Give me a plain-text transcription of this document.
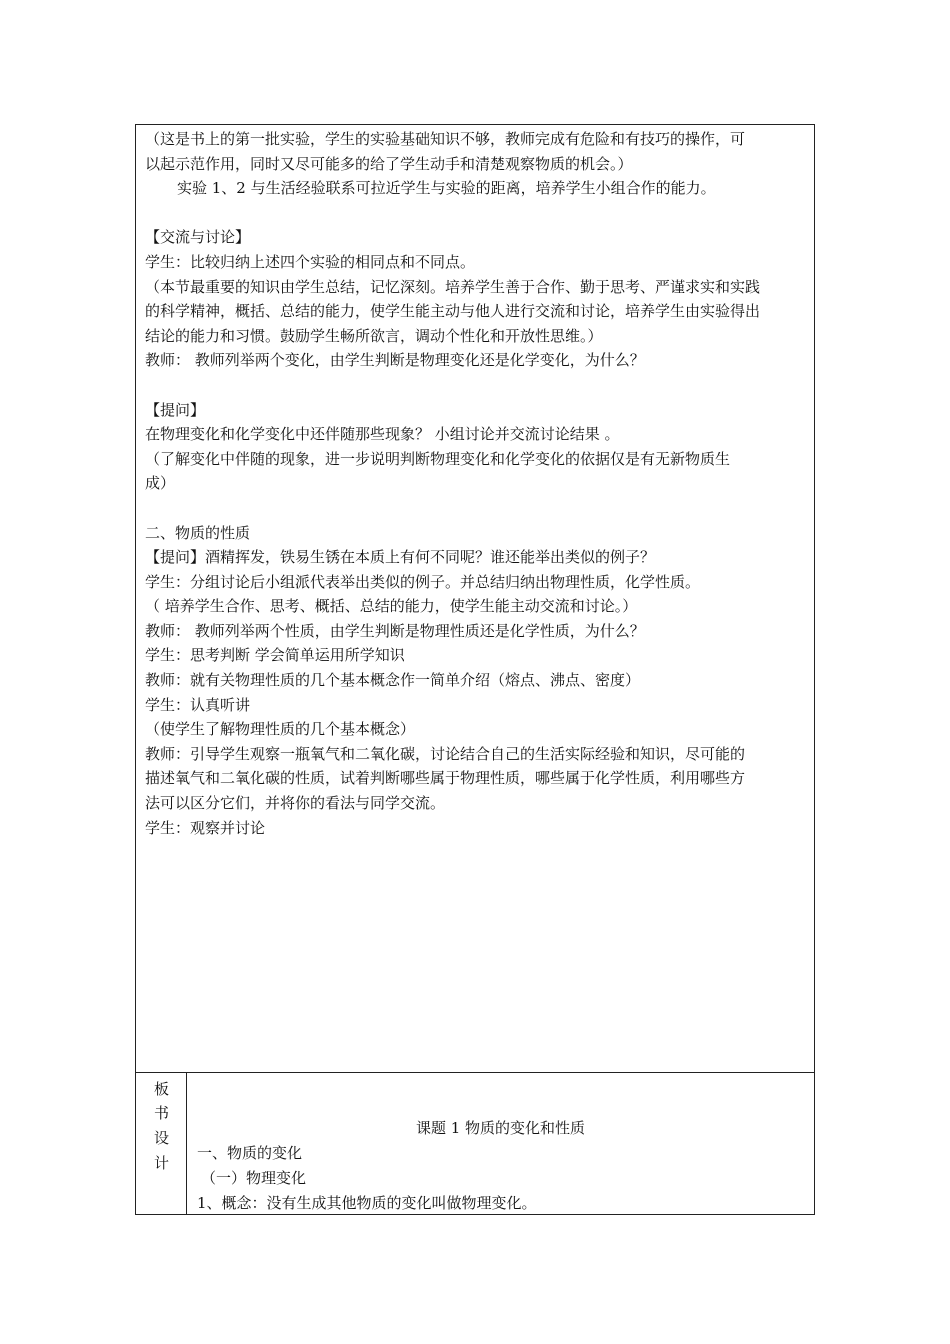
（这是书上的第一批实验，学生的实验基础知识不够，教师完成有危险和有技巧的操作，可
以起示范作用，同时又尽可能多的给了学生动手和清楚观察物质的机会。）
实验 1、2 与生活经验联系可拉近学生与实验的距离，培养学生小组合作的能力。
【交流与讨论】
学生：比较归纳上述四个实验的相同点和不同点。
（本节最重要的知识由学生总结，记忆深刻。培养学生善于合作、勤于思考、严谨求实和实践
的科学精神，概括、总结的能力，使学生能主动与他人进行交流和讨论，培养学生由实验得出
结论的能力和习惯。鼓励学生畅所欲言，调动个性化和开放性思维。）
教师： 教师列举两个变化，由学生判断是物理变化还是化学变化，为什么？
【提问】
在物理变化和化学变化中还伴随那些现象？ 小组讨论并交流讨论结果 。
（了解变化中伴随的现象，进一步说明判断物理变化和化学变化的依据仅是有无新物质生
成）
二、物质的性质
【提问】酒精挥发，铁易生锈在本质上有何不同呢？谁还能举出类似的例子？
学生：分组讨论后小组派代表举出类似的例子。并总结归纳出物理性质，化学性质。
（ 培养学生合作、思考、概括、总结的能力，使学生能主动交流和讨论。）
教师： 教师列举两个性质，由学生判断是物理性质还是化学性质，为什么？
学生：思考判断 学会简单运用所学知识
教师：就有关物理性质的几个基本概念作一简单介绍（熔点、沸点、密度）
学生：认真听讲
（使学生了解物理性质的几个基本概念）
教师：引导学生观察一瓶氧气和二氧化碳，讨论结合自己的生活实际经验和知识，尽可能的
描述氧气和二氧化碳的性质，试着判断哪些属于物理性质，哪些属于化学性质，利用哪些方
法可以区分它们，并将你的看法与同学交流。
学生：观察并讨论
板
书
设
计
课题 1 物质的变化和性质
一、物质的变化
（一）物理变化
1、概念：没有生成其他物质的变化叫做物理变化。
